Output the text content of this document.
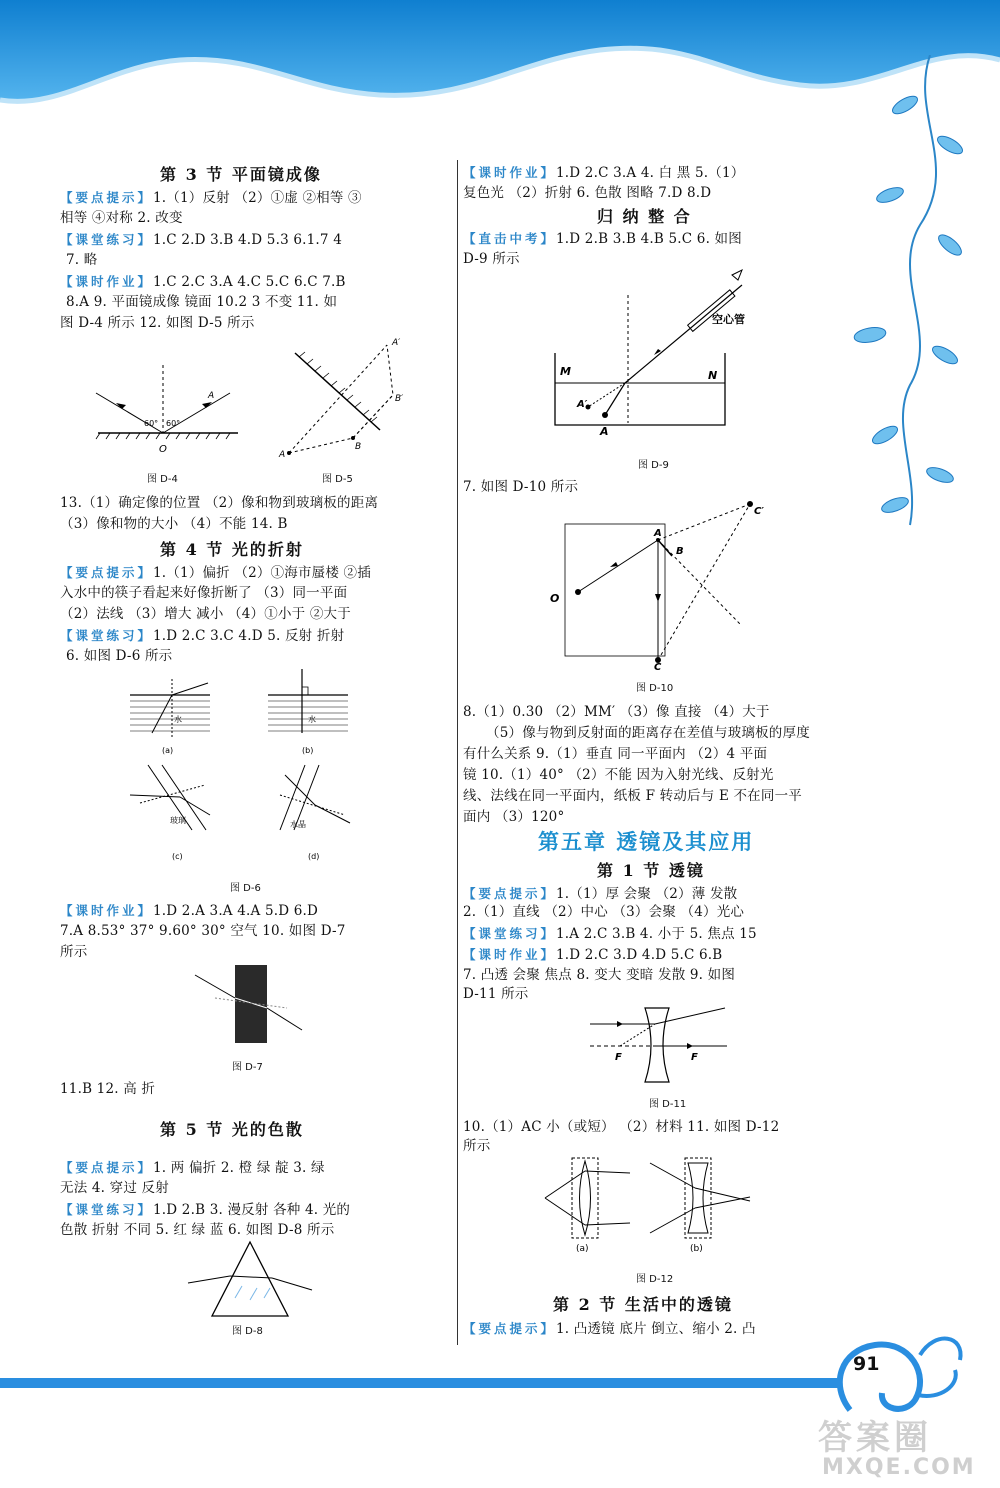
第 3 节 平面镜成像
【要点提示】1.（1）反射 （2）①虚 ②相等 ③
相等 ④对称 2. 改变
【课堂练习】1.C 2.D 3.B 4.D 5.3 6.1.7 4
7. 略
【课时作业】1.C 2.C 3.A 4.C 5.C 6.C 7.B
8.A 9. 平面镜成像 镜面 10.2 3 不变 11. 如
图 D-4 所示 12. 如图 D-5 所示
60° 60°
A
O
图 D-4
A
B
A′
B′
图 D-5
13.（1）确定像的位置 （2）像和物到玻璃板的距离
（3）像和物的大小 （4）不能 14. B
第 4 节 光的折射
【要点提示】1.（1）偏折 （2）①海市蜃楼 ②插
入水中的筷子看起来好像折断了 （3）同一平面
（2）法线 （3）增大 减小 （4）①小于 ②大于
【课堂练习】1.D 2.C 3.C 4.D 5. 反射 折射
6. 如图 D-6 所示
水
(a)
水
(b)
玻璃
(c)
水晶
(d)
图 D-6
【课时作业】1.D 2.A 3.A 4.A 5.D 6.D
7.A 8.53° 37° 9.60° 30° 空气 10. 如图 D-7
所示
图 D-7
11.B 12. 高 折
第 5 节 光的色散
【要点提示】1. 两 偏折 2. 橙 绿 靛 3. 绿
无法 4. 穿过 反射
【课堂练习】1.D 2.B 3. 漫反射 各种 4. 光的
色散 折射 不同 5. 红 绿 蓝 6. 如图 D-8 所示
图 D-8
【课时作业】1.D 2.C 3.A 4. 白 黑 5.（1）
复色光 （2）折射 6. 色散 图略 7.D 8.D
归 纳 整 合
【直击中考】1.D 2.B 3.B 4.B 5.C 6. 如图
D-9 所示
M	N
A
A′
空心管
图 D-9
7. 如图 D-10 所示
O
A
B
C
C′
图 D-10
8.（1）0.30 （2）MM′ （3）像 直接 （4）大于
（5）像与物到反射面的距离存在差值与玻璃板的厚度
有什么关系 9.（1）垂直 同一平面内 （2）4 平面
镜 10.（1）40° （2）不能 因为入射光线、反射光
线、法线在同一平面内，纸板 F 转动后与 E 不在同一平
面内 （3）120°
第五章 透镜及其应用
第 1 节 透镜
【要点提示】1.（1）厚 会聚 （2）薄 发散
2.（1）直线 （2）中心 （3）会聚 （4）光心
【课堂练习】1.A 2.C 3.B 4. 小于 5. 焦点 15
【课时作业】1.D 2.C 3.D 4.D 5.C 6.B
7. 凸透 会聚 焦点 8. 变大 变暗 发散 9. 如图
D-11 所示
F	F
图 D-11
10.（1）AC 小（或短） （2）材料 11. 如图 D-12
所示
(a)	(b)
图 D-12
第 2 节 生活中的透镜
【要点提示】1. 凸透镜 底片 倒立、缩小 2. 凸
91
答案圈
MXQE.COM
